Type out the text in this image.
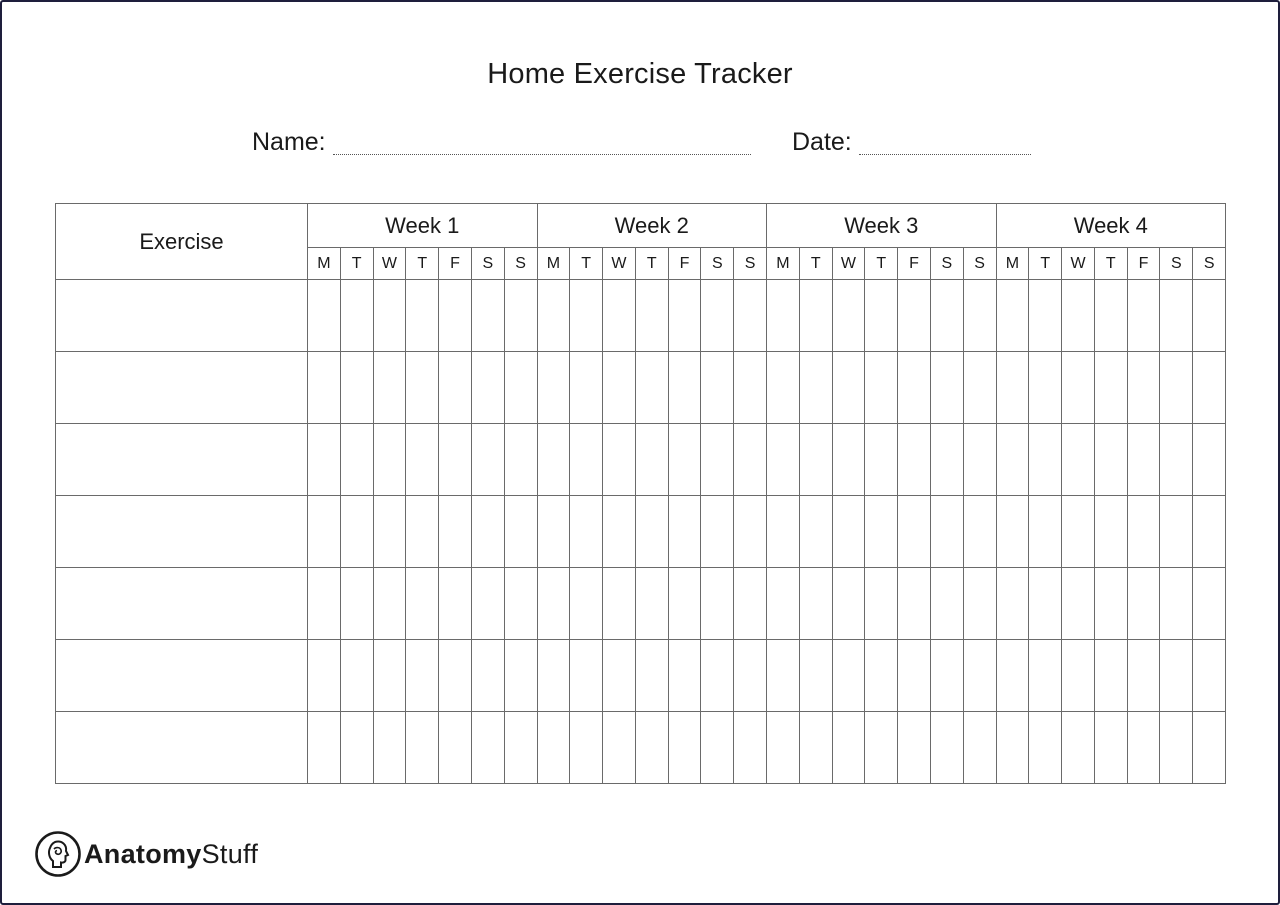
Home Exercise Tracker
Name:	Date:
Exercise	Week 1							Week 2							Week 3							Week 4						
	M	T	W	T	F	S	S	M	T	W	T	F	S	S	M	T	W	T	F	S	S	M	T	W	T	F	S	S

AnatomyStuff
